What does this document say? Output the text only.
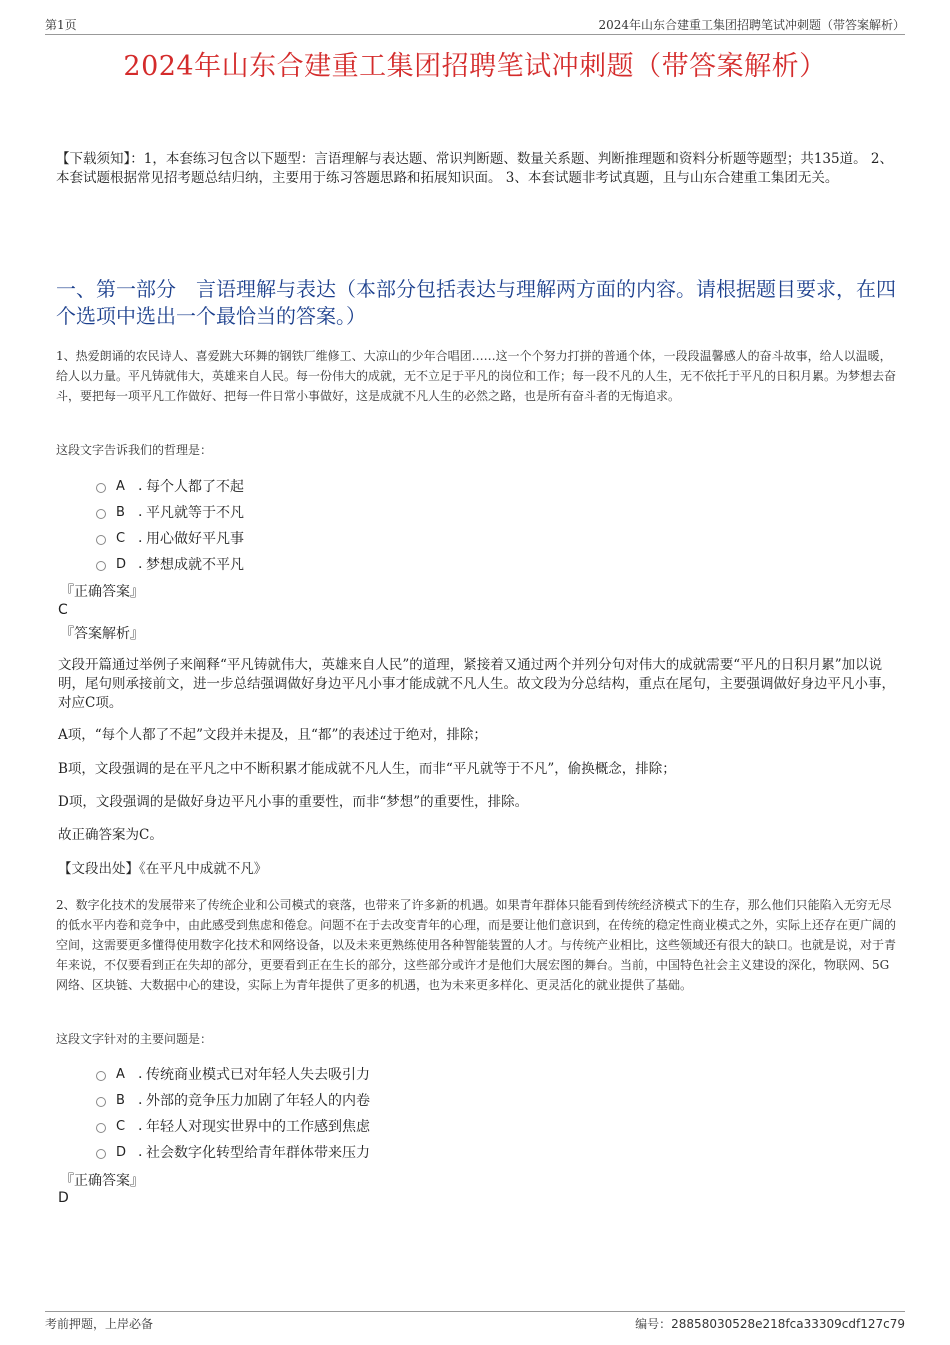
第1页	2024年山东合建重工集团招聘笔试冲刺题（带答案解析）
2024年山东合建重工集团招聘笔试冲刺题（带答案解析）
【下载须知】：1，本套练习包含以下题型：言语理解与表达题、常识判断题、数量关系题、判断推理题和资料分析题等题型；共135道。 2、本套试题根据常见招考题总结归纳，主要用于练习答题思路和拓展知识面。 3、本套试题非考试真题，且与山东合建重工集团无关。
一、第一部分　言语理解与表达（本部分包括表达与理解两方面的内容。请根据题目要求，在四个选项中选出一个最恰当的答案。）
1、热爱朗诵的农民诗人、喜爱跳大环舞的钢铁厂维修工、大凉山的少年合唱团……这一个个努力打拼的普通个体，一段段温馨感人的奋斗故事，给人以温暖，给人以力量。平凡铸就伟大，英雄来自人民。每一份伟大的成就，无不立足于平凡的岗位和工作；每一段不凡的人生，无不依托于平凡的日积月累。为梦想去奋斗，要把每一项平凡工作做好、把每一件日常小事做好，这是成就不凡人生的必然之路，也是所有奋斗者的无悔追求。
这段文字告诉我们的哲理是：
A . 每个人都了不起
B . 平凡就等于不凡
C . 用心做好平凡事
D . 梦想成就不平凡
『正确答案』
C
『答案解析』
文段开篇通过举例子来阐释“平凡铸就伟大，英雄来自人民”的道理，紧接着又通过两个并列分句对伟大的成就需要“平凡的日积月累”加以说明，尾句则承接前文，进一步总结强调做好身边平凡小事才能成就不凡人生。故文段为分总结构，重点在尾句，主要强调做好身边平凡小事，对应C项。
A项，“每个人都了不起”文段并未提及，且“都”的表述过于绝对，排除；
B项，文段强调的是在平凡之中不断积累才能成就不凡人生，而非“平凡就等于不凡”，偷换概念，排除；
D项，文段强调的是做好身边平凡小事的重要性，而非“梦想”的重要性，排除。
故正确答案为C。
【文段出处】《在平凡中成就不凡》
2、数字化技术的发展带来了传统企业和公司模式的衰落，也带来了许多新的机遇。如果青年群体只能看到传统经济模式下的生存，那么他们只能陷入无穷无尽的低水平内卷和竞争中，由此感受到焦虑和倦怠。问题不在于去改变青年的心理，而是要让他们意识到，在传统的稳定性商业模式之外，实际上还存在更广阔的空间，这需要更多懂得使用数字化技术和网络设备，以及未来更熟练使用各种智能装置的人才。与传统产业相比，这些领域还有很大的缺口。也就是说，对于青年来说，不仅要看到正在失却的部分，更要看到正在生长的部分，这些部分或许才是他们大展宏图的舞台。当前，中国特色社会主义建设的深化，物联网、5G网络、区块链、大数据中心的建设，实际上为青年提供了更多的机遇，也为未来更多样化、更灵活化的就业提供了基础。
这段文字针对的主要问题是：
A . 传统商业模式已对年轻人失去吸引力
B . 外部的竞争压力加剧了年轻人的内卷
C . 年轻人对现实世界中的工作感到焦虑
D . 社会数字化转型给青年群体带来压力
『正确答案』
D
考前押题，上岸必备	编号：28858030528e218fca33309cdf127c79
